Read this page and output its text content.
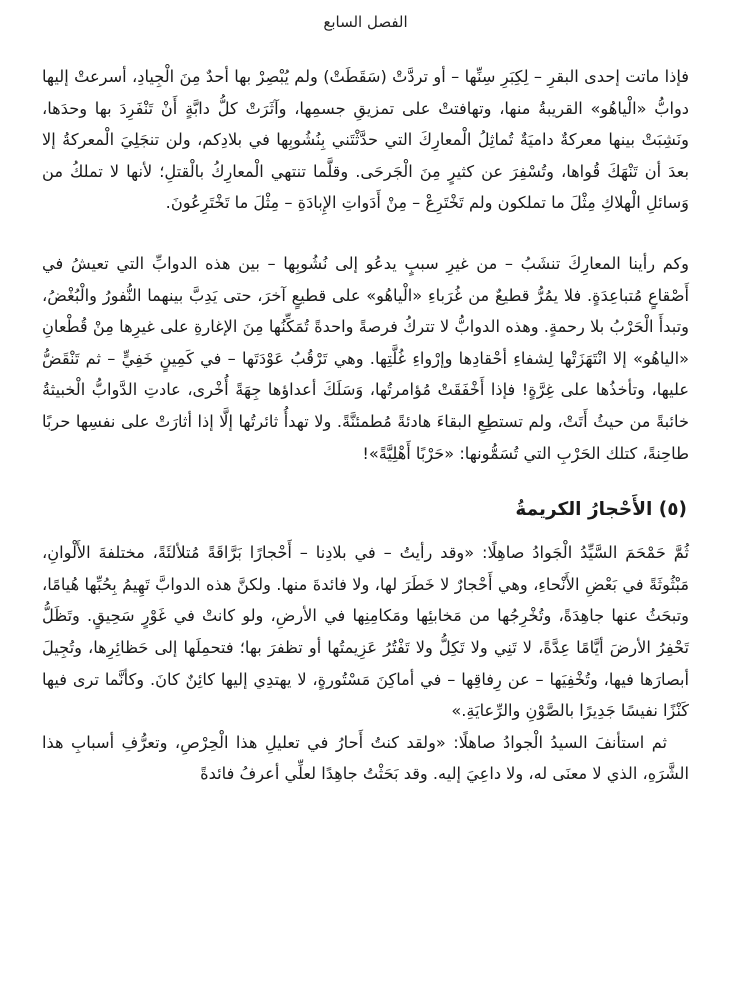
الفصل السابع

فإذا ماتت إحدى البقرِ – لِكِبَرِ سِنِّها – أو تردَّتْ (سَقَطَتْ) ولم يُبْصِرْ بها أحدٌ مِنَ الْجِيادِ، أسرعتْ إليها دوابُّ «الْياهُو» القريبةُ منها، وتهافتتْ على تمزيقِ جسمِها، وآثَرَتْ كلُّ دابَّةٍ أَنْ تَنْفَرِدَ بها وحدَها، ونَشِبَتْ بينها معركةٌ داميَةٌ تُماثِلُ الْمعارِكَ التي حدَّثْتَني بِنُشُوبِها في بلادِكم، ولن تنجَلِيَ الْمعركةُ إلا بعدَ أن تَنْهَكَ قُواها، وتُسْفِرَ عن كثيرٍ مِنَ الْجَرحَى. وقلَّما تنتهي الْمعارِكُ بالْقتلِ؛ لأنها لا تملكُ من وَسائلِ الْهلاكِ مِثْلَ ما تملكون ولم تَخْتَرِعْ – مِنْ أَدَواتِ الإِبادَةِ – مِثْلَ ما تَخْتَرِعُونَ.

وكم رأينا المعارِكَ تنشَبُ – من غيرِ سببٍ يدعُو إلى نُشُوبِها – بين هذه الدوابِّ التي تعيشُ في أَصْقاعٍ مُتباعِدَةٍ. فلا يمُرُّ قطيعٌ من غُرَباءِ «الْياهُو» على قطيعٍ آخرَ، حتى يَدِبَّ بينهما النُّفورُ والْبُغْضُ، وتبدأَ الْحَرْبُ بلا رحمةٍ. وهذه الدوابُّ لا تتركُ فرصةً واحدةً تُمَكِّنُها مِنَ الإغارةِ على غيرِها مِنْ قُطْعانِ «الياهُو» إلا انْتَهَزَتْها لِشفاءِ أحْقادِها وإرْواءِ غُلَّتِها. وهي تَرْقُبُ عَوْدَتَها – في كَمِينٍ خَفِيٍّ – ثم تَنْقَضُّ عليها، وتأخذُها على غِرَّةٍ! فإذا أَخْفَقَتْ مُؤامرتُها، وَسَلَكَ أعداؤها جِهَةً أُخْرى، عادتِ الدَّوابُّ الْخبيثةُ خائبةً من حيثُ أَتَتْ، ولم تستطِعِ البقاءَ هادئةً مُطمئنَّةً. ولا تهدأُ ثائرتُها إلَّا إذا أثارَتْ على نفسِها حربًا طاحِنةً، كتلك الحَرْبِ التي تُسَمُّونها: «حَرْبًا أَهْلِيَّةً»!

(٥) الأَحْجارُ الكريمةُ

ثُمَّ حَمْحَمَ السَّيِّدُ الْجَوادُ صاهِلًا: «وقد رأيتُ – في بلادِنا – أَحْجارًا بَرَّاقَةً مُتلألئَةً، مختلفةَ الأَلْوانِ، مَبْثُوثَةً في بَعْضِ الأَنْحاءِ، وهي أَحْجارٌ لا خَطَرَ لها، ولا فائدةَ منها. ولكنَّ هذه الدوابَّ تَهِيمُ بِحُبِّها هُيامًا، وتبحَثُ عنها جاهِدَةً، وتُخْرِجُها من مَخابئِها ومَكامِنِها في الأرضِ، ولو كانتْ في غَوْرٍ سَحِيقٍ. وتَظَلُّ تَحْفِرُ الأرضَ أيَّامًا عِدَّةً، لا تَنِي ولا تَكِلُّ ولا تَفْتُرُ عَزِيمتُها أو تظفرَ بها؛ فتحمِلَها إلى حَظائِرِها، وتُجِيلَ أبصارَها فيها، وتُخْفِيَها – عن رِفاقِها – في أماكِنَ مَسْتُورةٍ، لا يهتدِي إليها كائِنٌ كانَ. وكأنَّما ترى فيها كَنْزًا نفيسًا جَدِيرًا بالصَّوْنِ والرِّعايَةِ.»

ثم استأنفَ السيدُ الْجوادُ صاهلًا: «ولقد كنتُ أَحارُ في تعليلِ هذا الْحِرْصِ، وتعرُّفِ أسبابِ هذا الشَّرَهِ، الذي لا معنَى له، ولا داعِيَ إليه. وقد بَحَثْتُ جاهِدًا لعلِّي أعرفُ فائدةً
